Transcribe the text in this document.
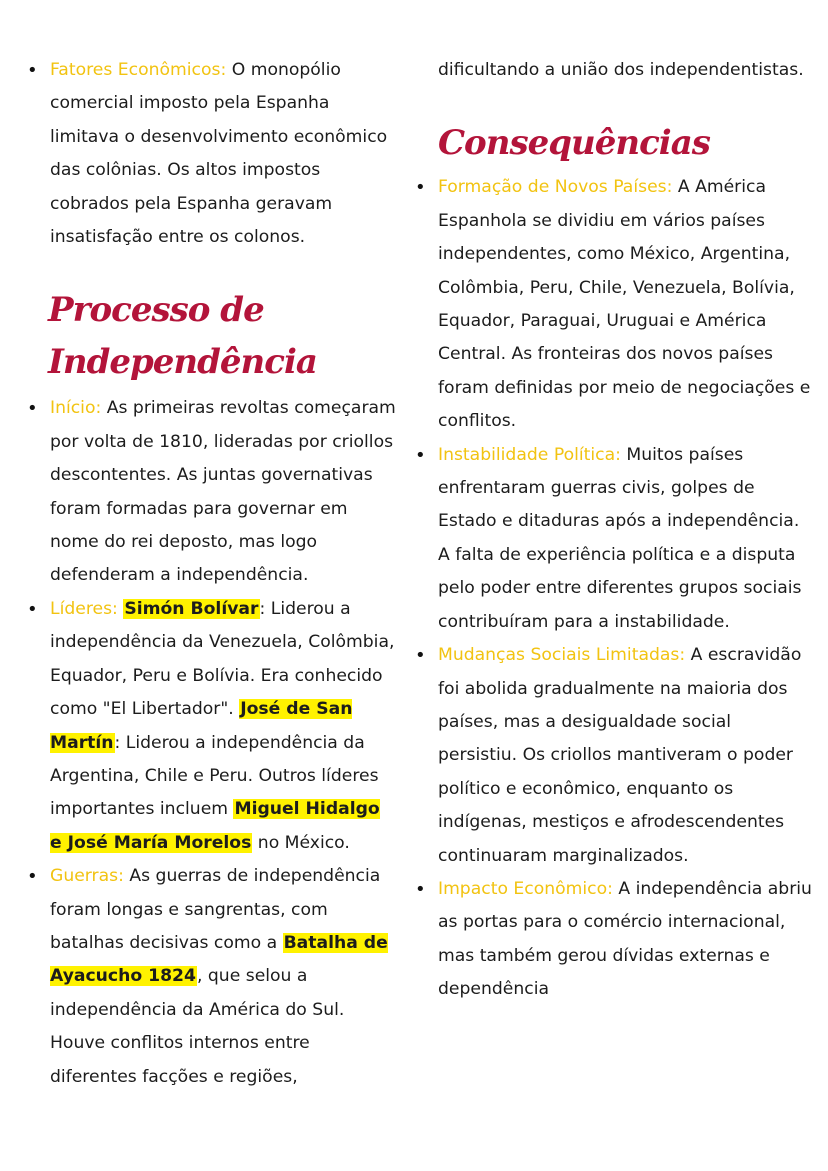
• Fatores Econômicos: O monopólio comercial imposto pela Espanha limitava o desenvolvimento econômico das colônias. Os altos impostos cobrados pela Espanha geravam insatisfação entre os colonos.
Processo de
Independência
• Início: As primeiras revoltas começaram por volta de 1810, lideradas por criollos descontentes. As juntas governativas foram formadas para governar em nome do rei deposto, mas logo defenderam a independência.
• Líderes: Simón Bolívar: Liderou a independência da Venezuela, Colômbia, Equador, Peru e Bolívia. Era conhecido como "El Libertador". José de San Martín: Liderou a independência da Argentina, Chile e Peru. Outros líderes importantes incluem Miguel Hidalgo e José María Morelos no México.
• Guerras: As guerras de independência foram longas e sangrentas, com batalhas decisivas como a Batalha de Ayacucho 1824, que selou a independência da América do Sul. Houve conflitos internos entre diferentes facções e regiões,
dificultando a união dos independentistas.
Consequências
• Formação de Novos Países: A América Espanhola se dividiu em vários países independentes, como México, Argentina, Colômbia, Peru, Chile, Venezuela, Bolívia, Equador, Paraguai, Uruguai e América Central. As fronteiras dos novos países foram definidas por meio de negociações e conflitos.
• Instabilidade Política: Muitos países enfrentaram guerras civis, golpes de Estado e ditaduras após a independência. A falta de experiência política e a disputa pelo poder entre diferentes grupos sociais contribuíram para a instabilidade.
• Mudanças Sociais Limitadas: A escravidão foi abolida gradualmente na maioria dos países, mas a desigualdade social persistiu. Os criollos mantiveram o poder político e econômico, enquanto os indígenas, mestiços e afrodescendentes continuaram marginalizados.
• Impacto Econômico: A independência abriu as portas para o comércio internacional, mas também gerou dívidas externas e dependência
